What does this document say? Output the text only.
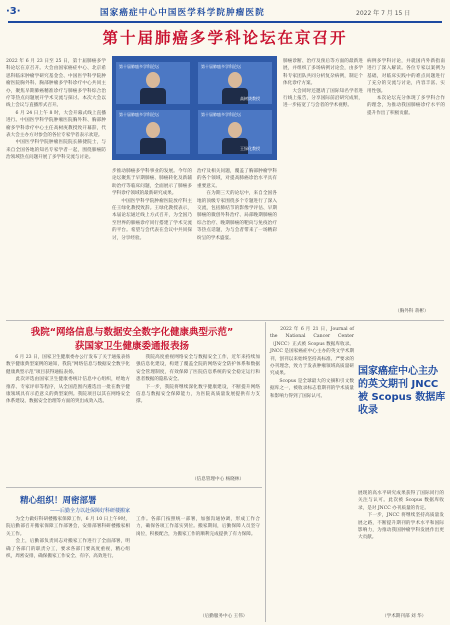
·3·	国家癌症中心中国医学科学院肿瘤医院	2022 年 7 月 15 日
第十届肺癌多学科论坛在京召开
2022 年 6 月 23 日至 25 日，第十届肺癌多学科论坛在京召开。大会由国家癌症中心、北京希思科临床肿瘤学研究基金会、中国医学科学院肿瘤医院胸外科、胸部肿瘤多学科诊疗中心共同主办，聚焦早期肺癌精准诊疗与肺癌多学科综合治疗等热点问题展开学术交流与探讨。本次大会以线上会议与直播形式召开。
　　6 月 24 日上午 8 时，大会开幕式线上直播进行。中国医学科学院肿瘤医院胸外科、胸部肿瘤多学科诊疗中心主任高树庚教授致开幕辞，代表大会主办方对参会的各位专家学者表示欢迎。
　　中国医学科学院肿瘤医院院长赫捷院士，与来自全国各地的知名专家学者一起，围绕肺癌防治领域热点问题开展了多学科交流与讨论。
第十届肺癌多学科论坛	第十届肺癌多学科论坛
高树庚教授
第十届肺癌多学科论坛	第十届肺癌多学科论坛
王绿化教授
肺癌诊断、治疗及预后等方面的最新进展，并组织了多场病例讨论会，由多学科专家团队共同分析复杂病例，制定个体化诊疗方案。
　　大会同时还邀请了国际知名学者进行线上报告，分享国际前沿研究成果，进一步拓宽了与会者的学术视野。
病例多学科讨论，并就国内外新指南进行了深入解读。各位专家以案例为基础，对临床实践中的难点问题进行了充分的交流与讨论，内容丰富、实用性强。
　　本次论坛充分体现了多学科合作的理念，为推动我国肺癌诊疗水平的提升作出了积极贡献。
步推动肺癌多学科事业的发展。今年的论坛聚焦于早期肺癌、肺癌转化及新辅助治疗等临床问题，全面展示了肺癌多学科诊疗领域的最新研究成果。
　　中国医学科学院肿瘤医院放疗科主任王绿化教授致辞。王绿化教授表示，本届论坛通过线上方式召开，为全国乃至世界的肺癌诊疗同行搭建了学术交流的平台。希望与会代表在会议中共同探讨，分享经验。
治疗及相关问题，覆盖了胸部肿瘤学科的各个领域，对提高肺癌诊治水平具有重要意义。
　　在为期三天的论坛中，来自全国各地的顶级专家围绕多个专题进行了深入交流，包括肺结节的影像学评估、早期肺癌的微创外科治疗、局部晚期肺癌的综合治疗、晚期肺癌的靶向与免疫治疗等热点话题，为与会者带来了一场精彩纷呈的学术盛宴。
（胸外科 蒋彬）
我院“网络信息与数据安全数字化健康典型示范”
获国家卫生健康委通报表扬
　　6 月 23 日，国家卫生健康委办公厅发布了关于通报表扬数字健康典型案例的通知，我院“网络信息与数据安全数字化健康典型示范”项目获得通报表扬。
　　此次评选由国家卫生健康委统计信息中心组织，经地方推荐、专家评审等程序，从全国范围内遴选出一批在数字健康领域具有示范意义的典型案例。我院项目以其在网络安全体系建设、数据安全治理等方面的突出成效入选。
　　我院高度重视网络安全与数据安全工作，近年来持续加强信息化建设，构建了覆盖全院的网络安全防护体系和数据安全管理制度，有效保障了医院信息系统的安全稳定运行和患者数据的隐私安全。
　　下一步，我院将继续深化数字健康建设，不断提升网络信息与数据安全保障能力，为医院高质量发展提供有力支撑。
（信息管理中心 杨晓林）
精心组织！周密部署
——后勤全力以赴保障好科研楼搬家
　　为全力做好科研楼搬家保障工作，6 月 10 日上午9时，院后勤部召开搬家保障工作部署会，安排部署科研楼搬家相关工作。
　　会上，后勤部负责同志对搬家工作进行了全面部署，明确了各部门的职责分工，要求各部门要高度重视，精心组织，周密安排，确保搬家工作安全、有序、高效进行。
工作。各部门按照统一部署，加强沟通协调，形成工作合力，确保各项工作落实到位。搬家期间，后勤保障人员坚守岗位，积极配合，为搬家工作的顺利完成提供了有力保障。
（后勤服务中心 王伟）
　　2022 年 6 月 21 日，Journal of the National Cancer Center（JNCC）正式被 Scopus 数据库收录。JNCC 是国家癌症中心主办的英文学术期刊，创刊以来始终坚持高标准、严要求的办刊理念，致力于发表肿瘤领域高质量研究成果。
　　Scopus 是全球最大的文摘和引文数据库之一，被收录标志着期刊的学术质量和影响力得到了国际认可。
国家癌症中心主办的英文期刊 JNCC 被 Scopus 数据库收录
展现的高水平研究成果获得了国际同行的关注与认可。此次被 Scopus 数据库收录，是对 JNCC 办刊质量的肯定。
　　下一步，JNCC 将继续坚持高质量发展之路，不断提升期刊的学术水平和国际影响力，为推动我国肿瘤学科发展作出更大贡献。
（学术期刊部 刘 华）
